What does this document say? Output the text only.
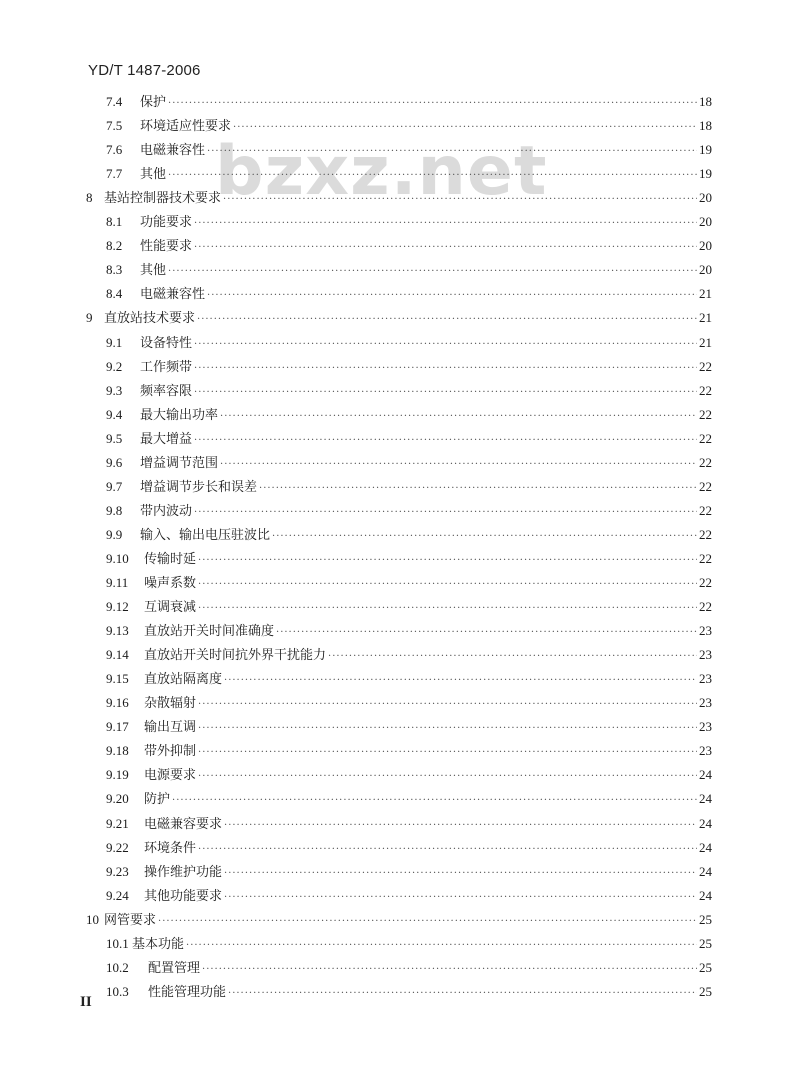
YD/T 1487-2006
bzxz.net
7.4 保护 ·····	18
7.5 环境适应性要求 ·····	18
7.6 电磁兼容性 ·····	19
7.7 其他 ·····	19
8 基站控制器技术要求 ·····	20
8.1 功能要求 ·····	20
8.2 性能要求 ·····	20
8.3 其他 ·····	20
8.4 电磁兼容性 ·····	21
9 直放站技术要求 ·····	21
9.1 设备特性 ·····	21
9.2 工作频带 ·····	22
9.3 频率容限 ·····	22
9.4 最大输出功率 ·····	22
9.5 最大增益 ·····	22
9.6 增益调节范围 ·····	22
9.7 增益调节步长和误差 ·····	22
9.8 带内波动 ·····	22
9.9 输入、输出电压驻波比 ·····	22
9.10 传输时延 ·····	22
9.11 噪声系数 ·····	22
9.12 互调衰减 ·····	22
9.13 直放站开关时间准确度 ·····	23
9.14 直放站开关时间抗外界干扰能力 ·····	23
9.15 直放站隔离度 ·····	23
9.16 杂散辐射 ·····	23
9.17 输出互调 ·····	23
9.18 带外抑制 ·····	23
9.19 电源要求 ·····	24
9.20 防护 ·····	24
9.21 电磁兼容要求 ·····	24
9.22 环境条件 ·····	24
9.23 操作维护功能 ·····	24
9.24 其他功能要求 ·····	24
10 网管要求 ·····	25
10.1 基本功能 ·····	25
10.2 配置管理 ·····	25
10.3 性能管理功能 ·····	25
II
